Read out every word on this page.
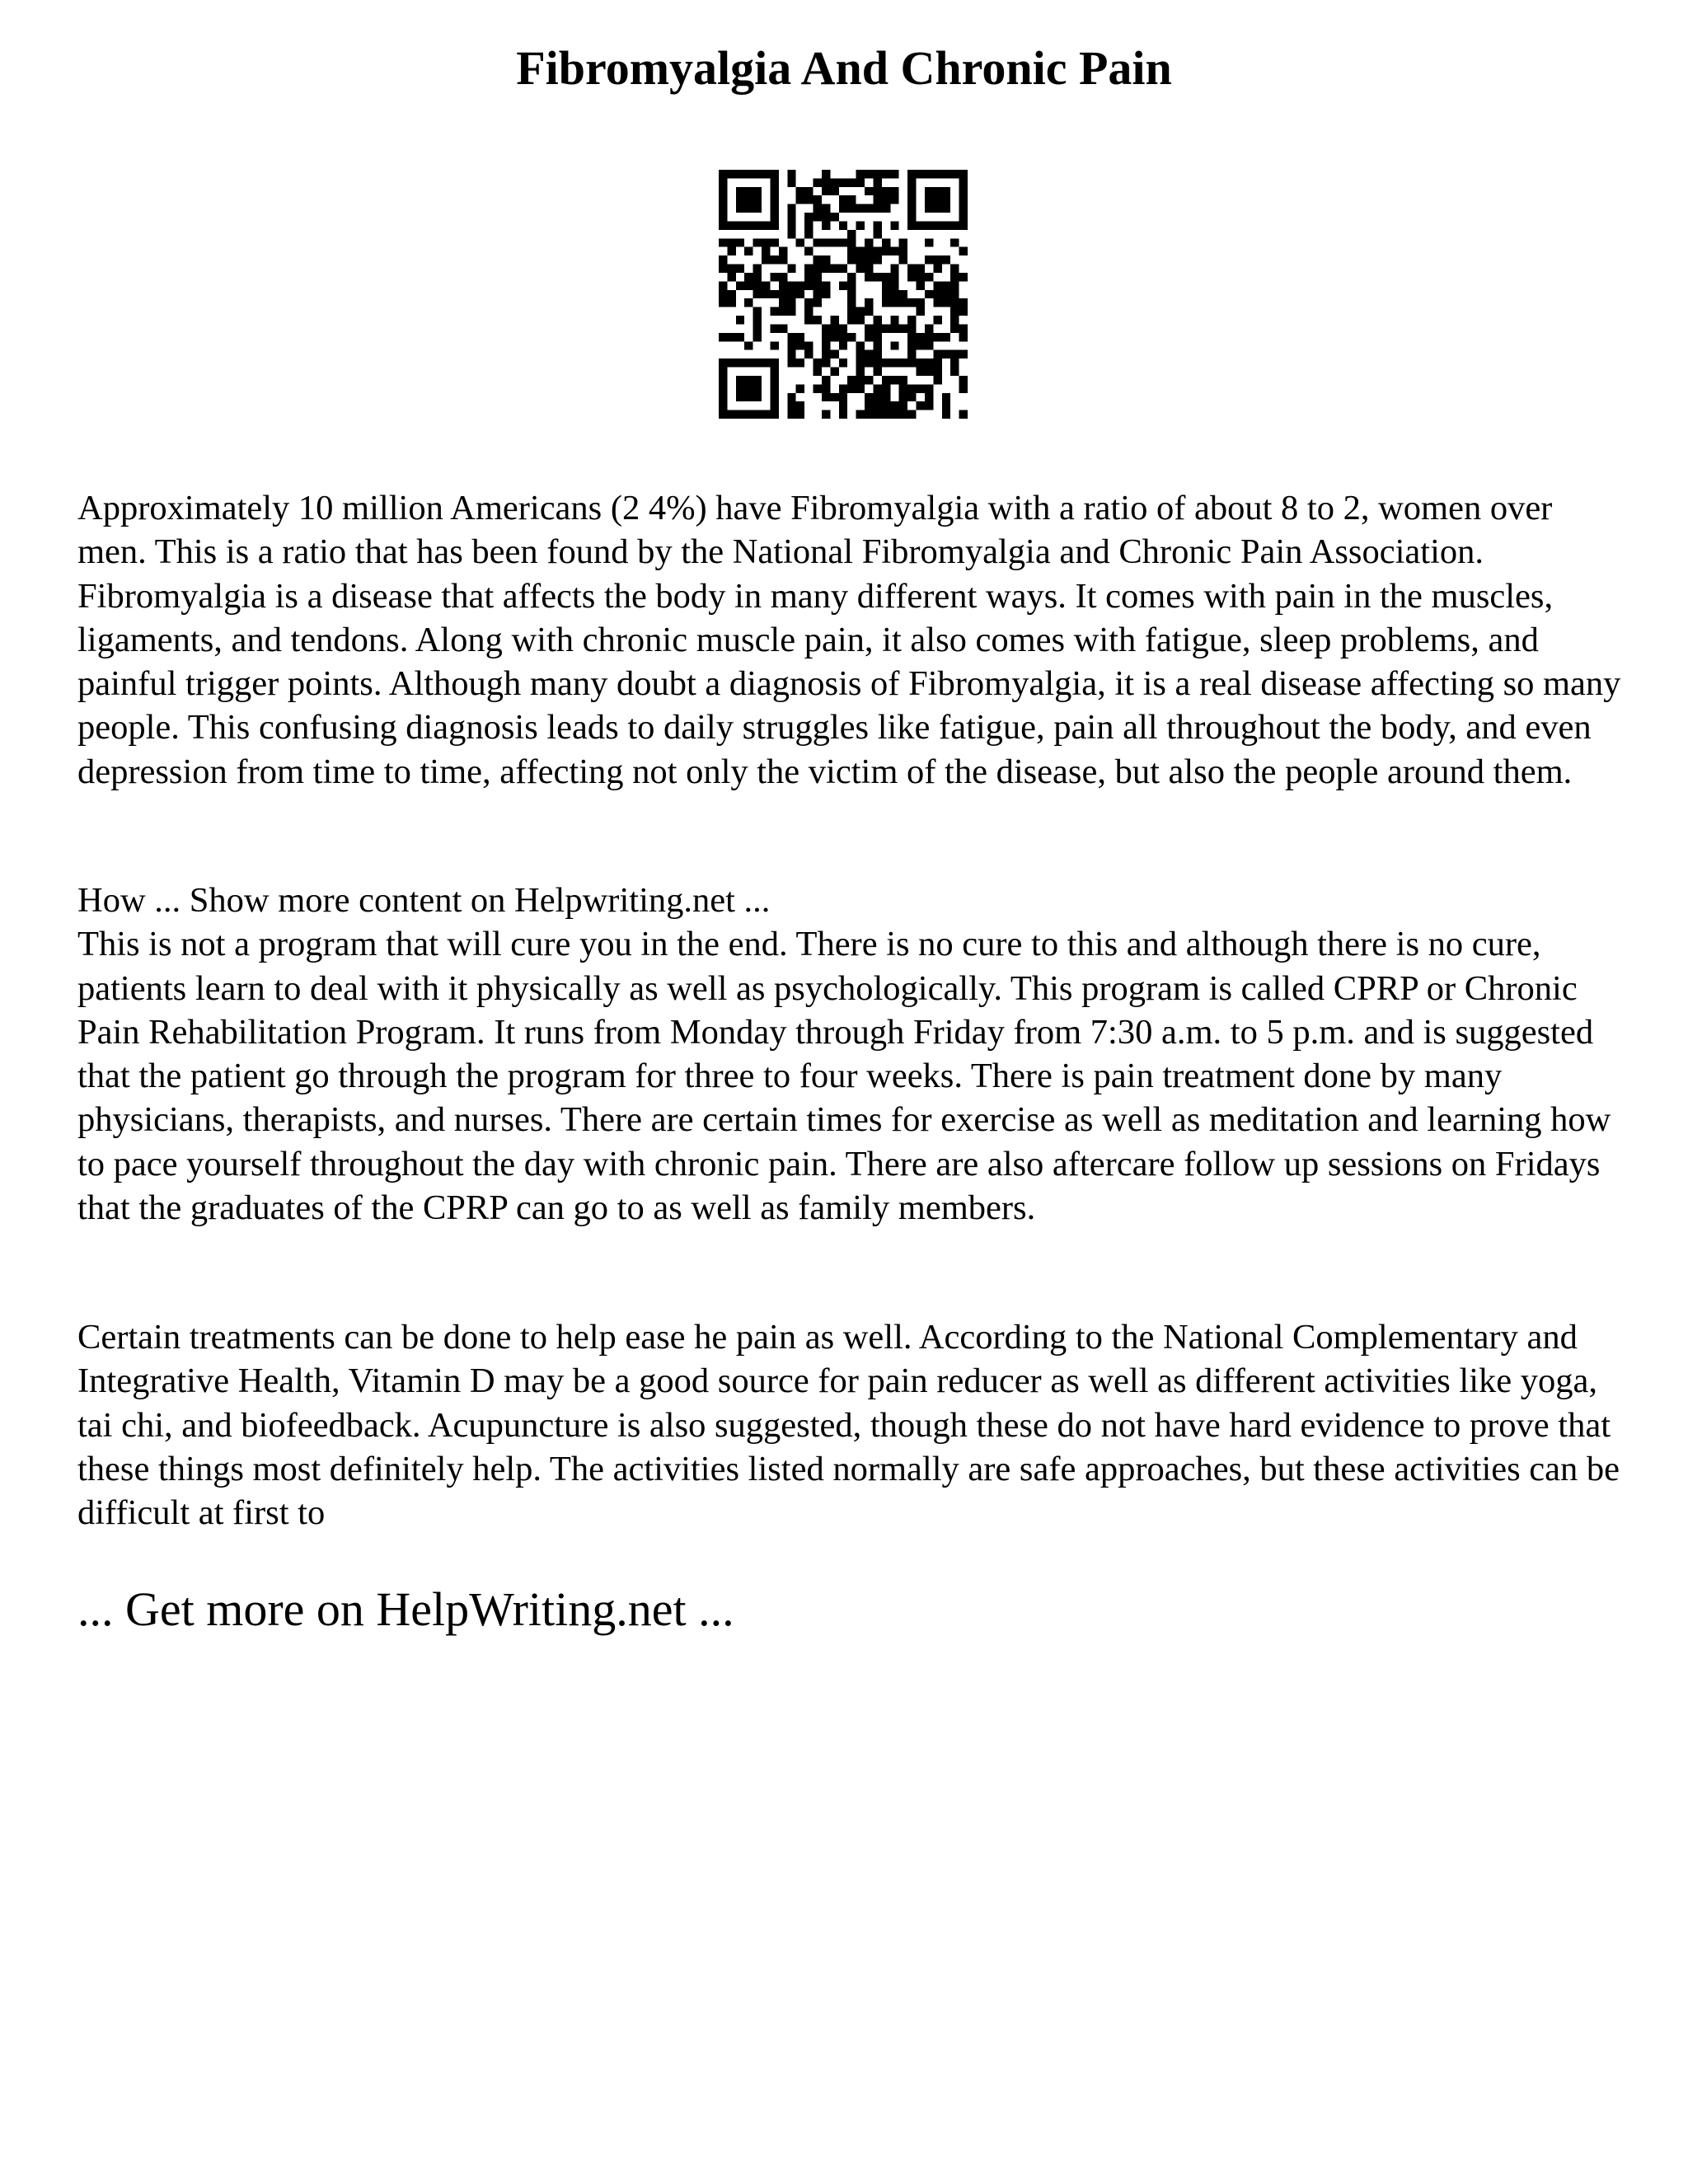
Fibromyalgia And Chronic Pain

Approximately 10 million Americans (2 4%) have Fibromyalgia with a ratio of about 8 to 2, women over men. This is a ratio that has been found by the National Fibromyalgia and Chronic Pain Association. Fibromyalgia is a disease that affects the body in many different ways. It comes with pain in the muscles, ligaments, and tendons. Along with chronic muscle pain, it also comes with fatigue, sleep problems, and painful trigger points. Although many doubt a diagnosis of Fibromyalgia, it is a real disease affecting so many people. This confusing diagnosis leads to daily struggles like fatigue, pain all throughout the body, and even depression from time to time, affecting not only the victim of the disease, but also the people around them.

How ... Show more content on Helpwriting.net ...
This is not a program that will cure you in the end. There is no cure to this and although there is no cure, patients learn to deal with it physically as well as psychologically. This program is called CPRP or Chronic Pain Rehabilitation Program. It runs from Monday through Friday from 7:30 a.m. to 5 p.m. and is suggested that the patient go through the program for three to four weeks. There is pain treatment done by many physicians, therapists, and nurses. There are certain times for exercise as well as meditation and learning how to pace yourself throughout the day with chronic pain. There are also aftercare follow up sessions on Fridays that the graduates of the CPRP can go to as well as family members.

Certain treatments can be done to help ease he pain as well. According to the National Complementary and Integrative Health, Vitamin D may be a good source for pain reducer as well as different activities like yoga, tai chi, and biofeedback. Acupuncture is also suggested, though these do not have hard evidence to prove that these things most definitely help. The activities listed normally are safe approaches, but these activities can be difficult at first to

... Get more on HelpWriting.net ...
